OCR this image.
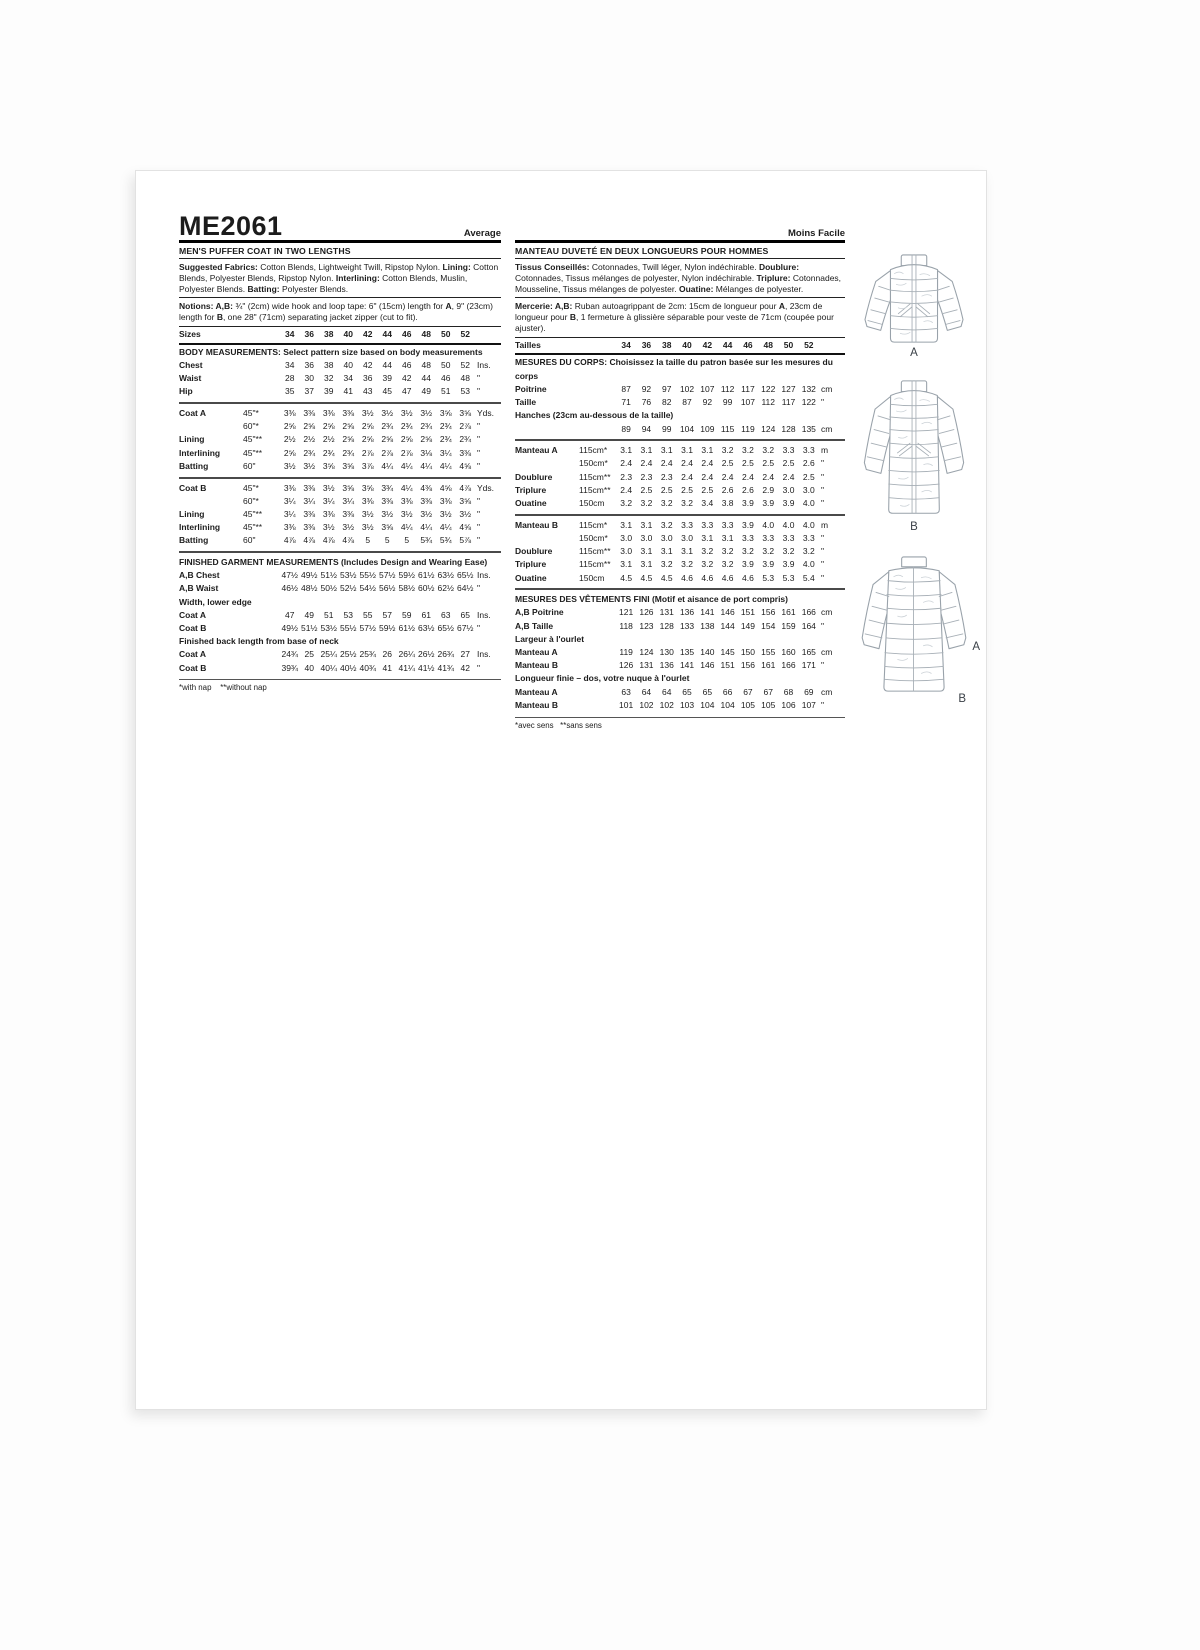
ME2061	Average
MEN'S PUFFER COAT IN TWO LENGTHS
Suggested Fabrics: Cotton Blends, Lightweight Twill, Ripstop Nylon. Lining: Cotton Blends, Polyester Blends, Ripstop Nylon. Interlining: Cotton Blends, Muslin, Polyester Blends. Batting: Polyester Blends.
Notions: A,B: ¾" (2cm) wide hook and loop tape: 6" (15cm) length for A, 9" (23cm) length for B, one 28" (71cm) separating jacket zipper (cut to fit).
Sizes	34	36	38	40	42	44	46	48	50	52
BODY MEASUREMENTS: Select pattern size based on body measurements
Chest	34	36	38	40	42	44	46	48	50	52 Ins.
Waist	28	30	32	34	36	39	42	44	46	48 "
Hip	35	37	39	41	43	45	47	49	51	53 "
Coat A	45"*	3⅜ 3⅜ 3⅜ 3⅜ 3½ 3½ 3½ 3½ 3⅝ 3⅝ Yds.
60"*	2⅝ 2⅝ 2⅝ 2⅝ 2⅝ 2¾ 2¾ 2¾ 2¾ 2⅞ "
Lining	45"**	2½ 2½ 2½ 2⅝ 2⅝ 2⅝ 2⅝ 2⅝ 2¾ 2¾ "
Interlining	45"**	2⅝ 2¾ 2¾ 2¾ 2⅞ 2⅞ 2⅞ 3⅛ 3¼ 3⅜ "
Batting	60"	3½ 3½ 3⅝ 3⅝ 3⅞ 4¼ 4¼ 4¼ 4¼ 4⅝ "
Coat B	45"*	3⅜ 3⅜ 3½ 3⅝ 3⅝ 3¾ 4¼ 4⅜ 4⅝ 4⅞ Yds.
60"*	3¼ 3¼ 3¼ 3¼ 3⅜ 3⅜ 3⅜ 3⅜ 3⅜ 3⅝ "
Lining	45"**	3¼ 3⅜ 3⅜ 3⅜ 3½ 3½ 3½ 3½ 3½ 3½ "
Interlining	45"**	3⅜ 3⅜ 3½ 3½ 3½ 3⅝ 4¼ 4¼ 4¼ 4⅝ "
Batting	60"	4⅞ 4⅞ 4⅞ 4⅞	5	5	5	5¾ 5¾ 5⅞ "
FINISHED GARMENT MEASUREMENTS (Includes Design and Wearing Ease)
A,B Chest	47½ 49½ 51½ 53½ 55½ 57½ 59½ 61½ 63½ 65½ Ins.
A,B Waist	46½ 48½ 50½ 52½ 54½ 56½ 58½ 60½ 62½ 64½ "
Width, lower edge
Coat A	47	49	51	53	55	57	59	61	63	65 Ins.
Coat B	49½ 51½ 53½ 55½ 57½ 59½ 61½ 63½ 65½ 67½ "
Finished back length from base of neck
Coat A	24¾ 25 25¼ 25½ 25¾ 26 26¼ 26½ 26¾ 27 Ins.
Coat B	39¾ 40 40¼ 40½ 40¾ 41 41¼ 41½ 41¾ 42 "
*with nap    **without nap
Moins Facile
MANTEAU DUVETÉ EN DEUX LONGUEURS POUR HOMMES
Tissus Conseillés: Cotonnades, Twill léger, Nylon indéchirable. Doublure: Cotonnades, Tissus mélanges de polyester, Nylon indéchirable. Triplure: Cotonnades, Mousseline, Tissus mélanges de polyester. Ouatine: Mélanges de polyester.
Mercerie: A,B: Ruban autoagrippant de 2cm: 15cm de longueur pour A, 23cm de longueur pour B, 1 fermeture à glissière séparable pour veste de 71cm (coupée pour ajuster).
Tailles	34	36	38	40	42	44	46	48	50	52
MESURES DU CORPS: Choisissez la taille du patron basée sur les mesures du corps
Poitrine	87	92	97 102 107 112 117 122 127 132 cm
Taille	71	76	82	87	92	99 107 112 117 122 "
Hanches (23cm au-dessous de la taille)
89	94	99 104 109 115 119 124 128 135 cm
Manteau A	115cm*	3.1 3.1 3.1 3.1 3.1 3.2 3.2 3.2 3.3 3.3 m
150cm*	2.4 2.4 2.4 2.4 2.4 2.5 2.5 2.5 2.5 2.6 "
Doublure	115cm**	2.3 2.3 2.3 2.4 2.4 2.4 2.4 2.4 2.4 2.5 "
Triplure	115cm**	2.4 2.5 2.5 2.5 2.5 2.6 2.6 2.9 3.0 3.0 "
Ouatine	150cm	3.2 3.2 3.2 3.2 3.4 3.8 3.9 3.9 3.9 4.0 "
Manteau B	115cm*	3.1 3.1 3.2 3.3 3.3 3.3 3.9 4.0 4.0 4.0 m
150cm*	3.0 3.0 3.0 3.0 3.1 3.1 3.3 3.3 3.3 3.3 "
Doublure	115cm**	3.0 3.1 3.1 3.1 3.2 3.2 3.2 3.2 3.2 3.2 "
Triplure	115cm**	3.1 3.1 3.2 3.2 3.2 3.2 3.9 3.9 3.9 4.0 "
Ouatine	150cm	4.5 4.5 4.5 4.6 4.6 4.6 4.6 5.3 5.3 5.4 "
MESURES DES VÊTEMENTS FINI (Motif et aisance de port compris)
A,B Poitrine	121 126 131 136 141 146 151 156 161 166 cm
A,B Taille	118 123 128 133 138 144 149 154 159 164 "
Largeur à l'ourlet
Manteau A	119 124 130 135 140 145 150 155 160 165 cm
Manteau B	126 131 136 141 146 151 156 161 166 171 "
Longueur finie – dos, votre nuque à l'ourlet
Manteau A	63	64	64	65	65	66	67	67	68	69 cm
Manteau B	101 102 102 103 104 104 105 105 106 107 "
*avec sens   **sans sens
A
B
A
B
